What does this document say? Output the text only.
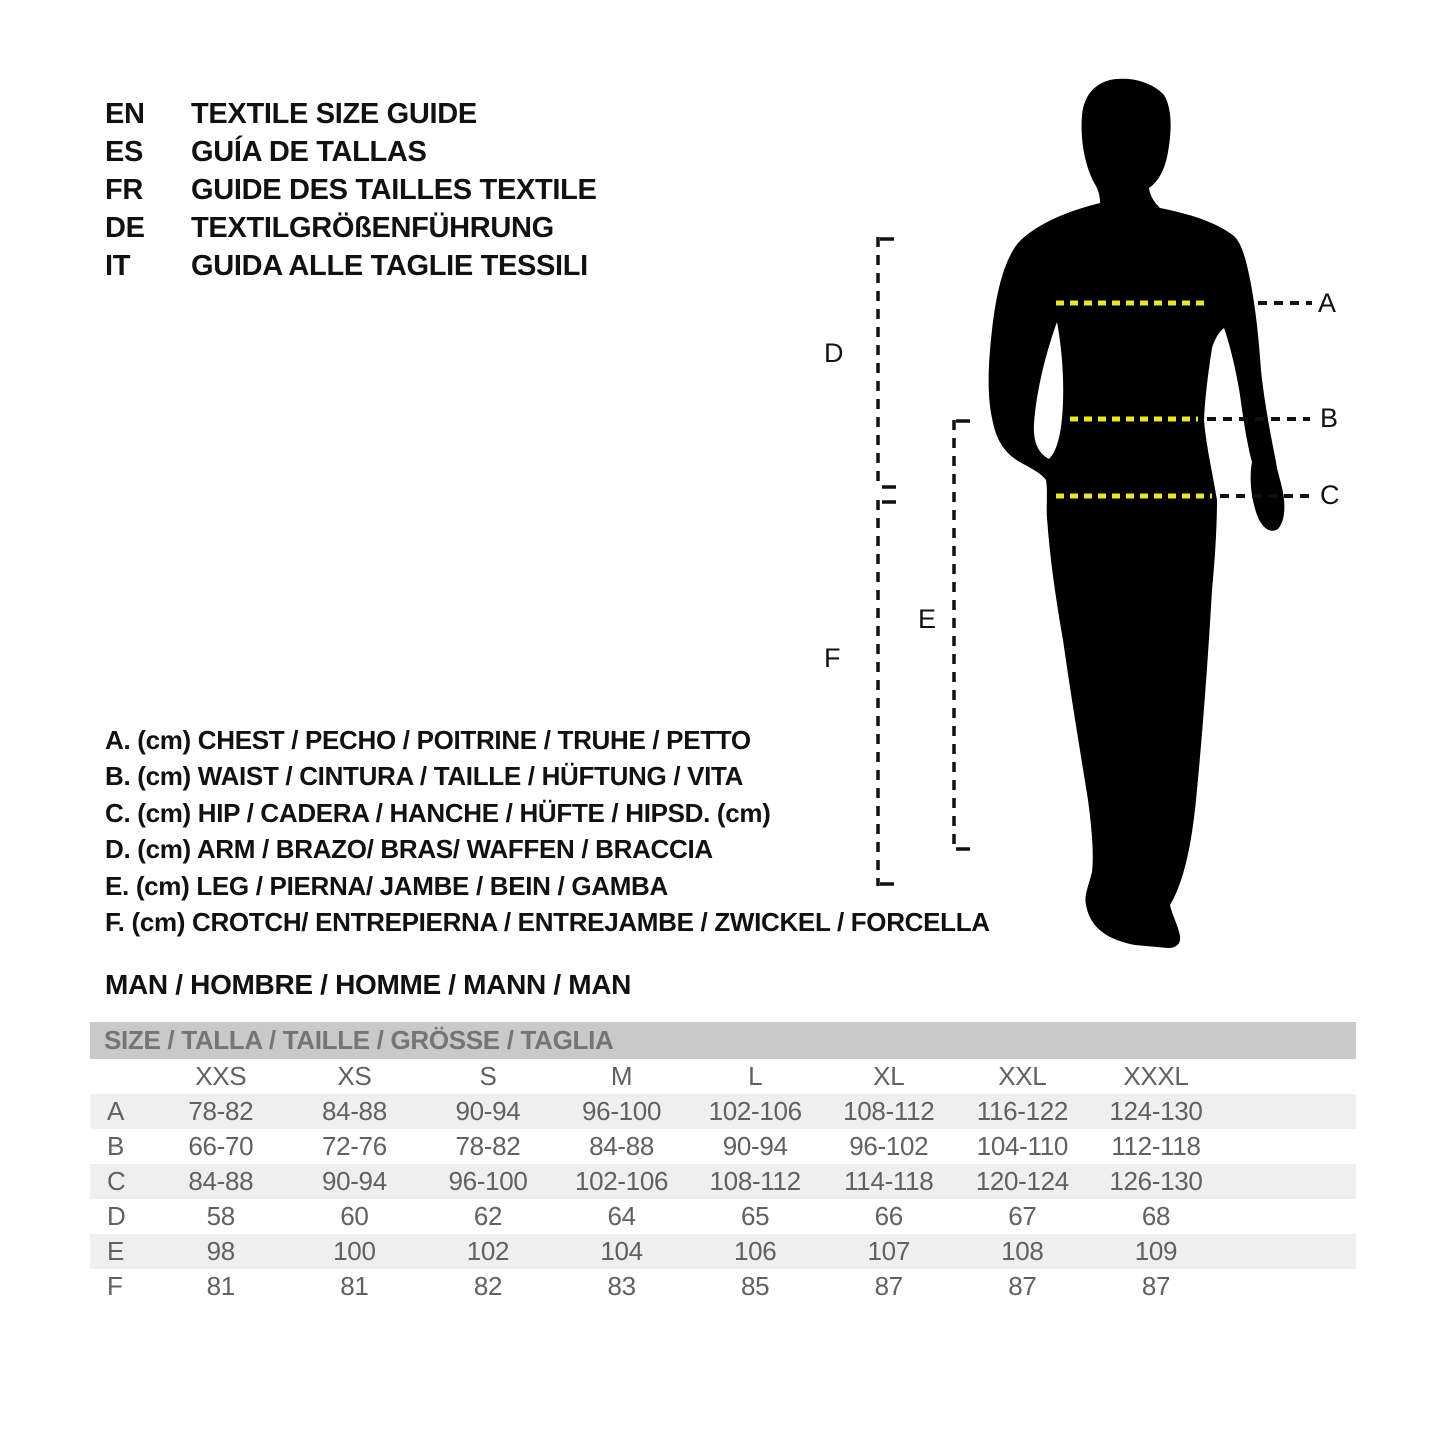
EN	TEXTILE SIZE GUIDE
ES	GUÍA DE TALLAS
FR	GUIDE DES TAILLES TEXTILE
DE	TEXTILGRÖßENFÜHRUNG
IT	GUIDA ALLE TAGLIE TESSILI
A
B
C
D
E
F
A. (cm) CHEST / PECHO / POITRINE / TRUHE / PETTO
B. (cm) WAIST / CINTURA / TAILLE / HÜFTUNG / VITA
C. (cm) HIP / CADERA / HANCHE / HÜFTE / HIPSD. (cm)
D. (cm) ARM / BRAZO/ BRAS/ WAFFEN / BRACCIA
E. (cm) LEG / PIERNA/ JAMBE / BEIN / GAMBA
F. (cm) CROTCH/ ENTREPIERNA / ENTREJAMBE / ZWICKEL / FORCELLA
MAN / HOMBRE / HOMME / MANN / MAN
SIZE / TALLA / TAILLE / GRÖSSE / TAGLIA
XXS	XS	S	M	L	XL	XXL	XXXL
A	78-82	84-88	90-94	96-100	102-106	108-112	116-122	124-130
B	66-70	72-76	78-82	84-88	90-94	96-102	104-110	112-118
C	84-88	90-94	96-100	102-106	108-112	114-118	120-124	126-130
D	58	60	62	64	65	66	67	68
E	98	100	102	104	106	107	108	109
F	81	81	82	83	85	87	87	87
